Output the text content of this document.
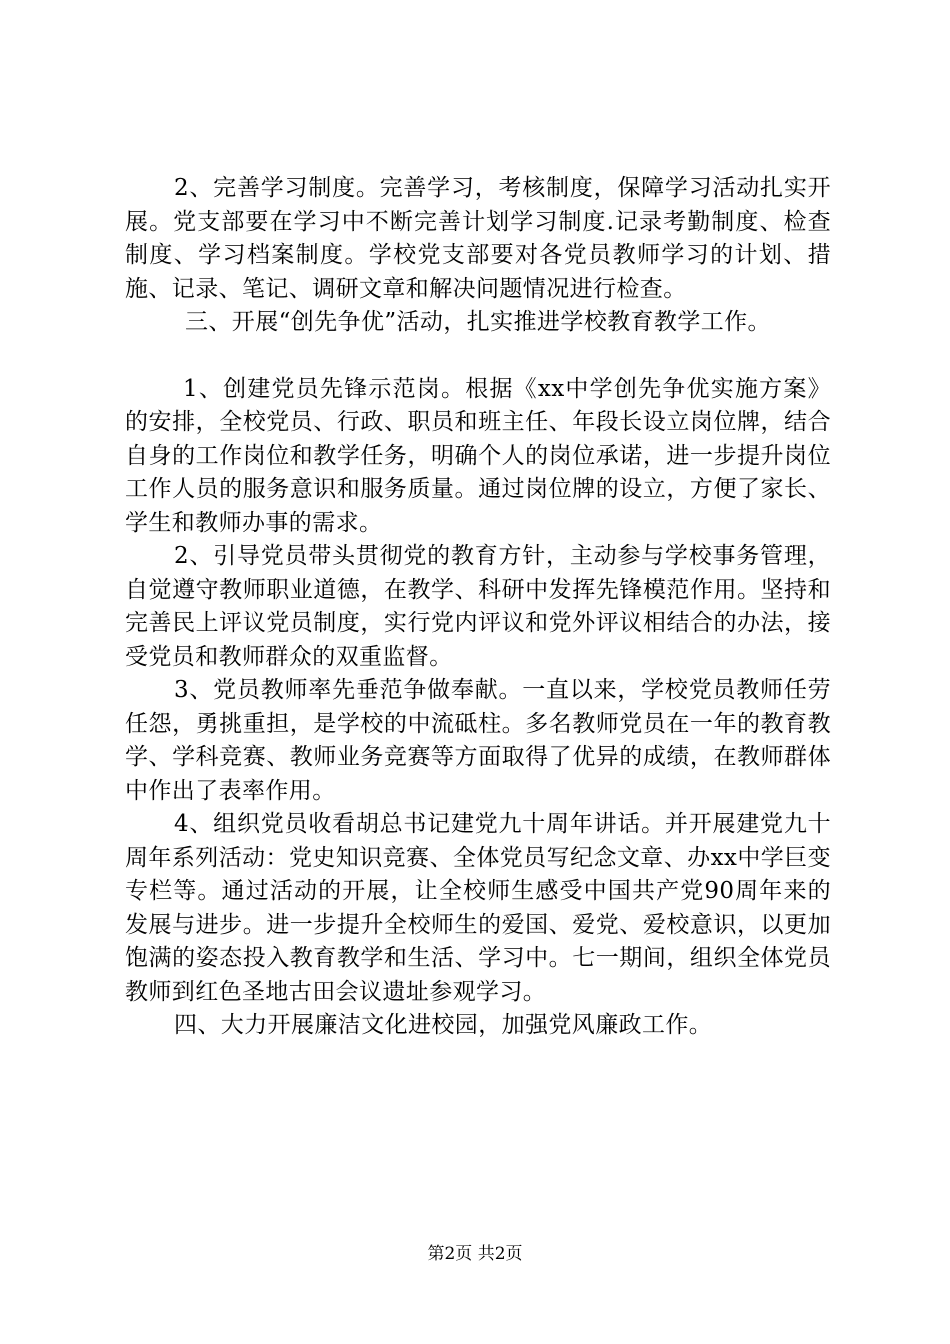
2、完善学习制度。完善学习，考核制度，保障学习活动扎实开展。党支部要在学习中不断完善计划学习制度.记录考勤制度、检查制度、学习档案制度。学校党支部要对各党员教师学习的计划、措施、记录、笔记、调研文章和解决问题情况进行检查。

三、开展“创先争优”活动，扎实推进学校教育教学工作。

1、创建党员先锋示范岗。根据《xx中学创先争优实施方案》的安排，全校党员、行政、职员和班主任、年段长设立岗位牌，结合自身的工作岗位和教学任务，明确个人的岗位承诺，进一步提升岗位工作人员的服务意识和服务质量。通过岗位牌的设立，方便了家长、学生和教师办事的需求。

2、引导党员带头贯彻党的教育方针，主动参与学校事务管理，自觉遵守教师职业道德，在教学、科研中发挥先锋模范作用。坚持和完善民上评议党员制度，实行党内评议和党外评议相结合的办法，接受党员和教师群众的双重监督。

3、党员教师率先垂范争做奉献。一直以来，学校党员教师任劳任怨，勇挑重担，是学校的中流砥柱。多名教师党员在一年的教育教学、学科竞赛、教师业务竞赛等方面取得了优异的成绩，在教师群体中作出了表率作用。

4、组织党员收看胡总书记建党九十周年讲话。并开展建党九十周年系列活动：党史知识竞赛、全体党员写纪念文章、办xx中学巨变专栏等。通过活动的开展，让全校师生感受中国共产党90周年来的发展与进步。进一步提升全校师生的爱国、爱党、爱校意识，以更加饱满的姿态投入教育教学和生活、学习中。七一期间，组织全体党员教师到红色圣地古田会议遗址参观学习。

四、大力开展廉洁文化进校园，加强党风廉政工作。

第2页 共2页
